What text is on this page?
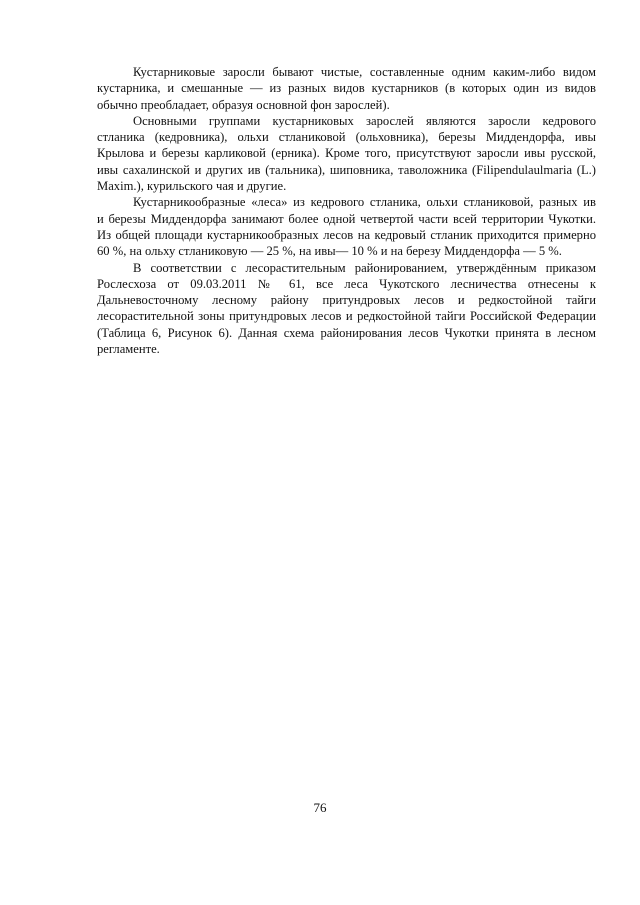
Кустарниковые заросли бывают чистые, составленные одним каким-либо видом
кустарника, и смешанные — из разных видов кустарников (в которых один из видов
обычно преобладает, образуя основной фон зарослей).
Основными группами кустарниковых зарослей являются заросли кедрового
стланика (кедровника), ольхи стланиковой (ольховника), березы Миддендорфа, ивы
Крылова и березы карликовой (ерника). Кроме того, присутствуют заросли ивы русской,
ивы сахалинской и других ив (тальника), шиповника, таволожника (Filipendulaulmaria (L.)
Maxim.), курильского чая и другие.
Кустарникообразные «леса» из кедрового стланика, ольхи стланиковой, разных ив
и березы Миддендорфа занимают более одной четвертой части всей территории Чукотки.
Из общей площади кустарникообразных лесов на кедровый стланик приходится примерно
60 %, на ольху стланиковую — 25 %, на ивы— 10 % и на березу Миддендорфа — 5 %.
В соответствии с лесорастительным районированием, утверждённым приказом
Рослесхоза от 09.03.2011 № 61, все леса Чукотского лесничества отнесены к
Дальневосточному лесному району притундровых лесов и редкостойной тайги
лесорастительной зоны притундровых лесов и редкостойной тайги Российской Федерации
(Таблица 6, Рисунок 6). Данная схема районирования лесов Чукотки принята в лесном
регламенте.
76
